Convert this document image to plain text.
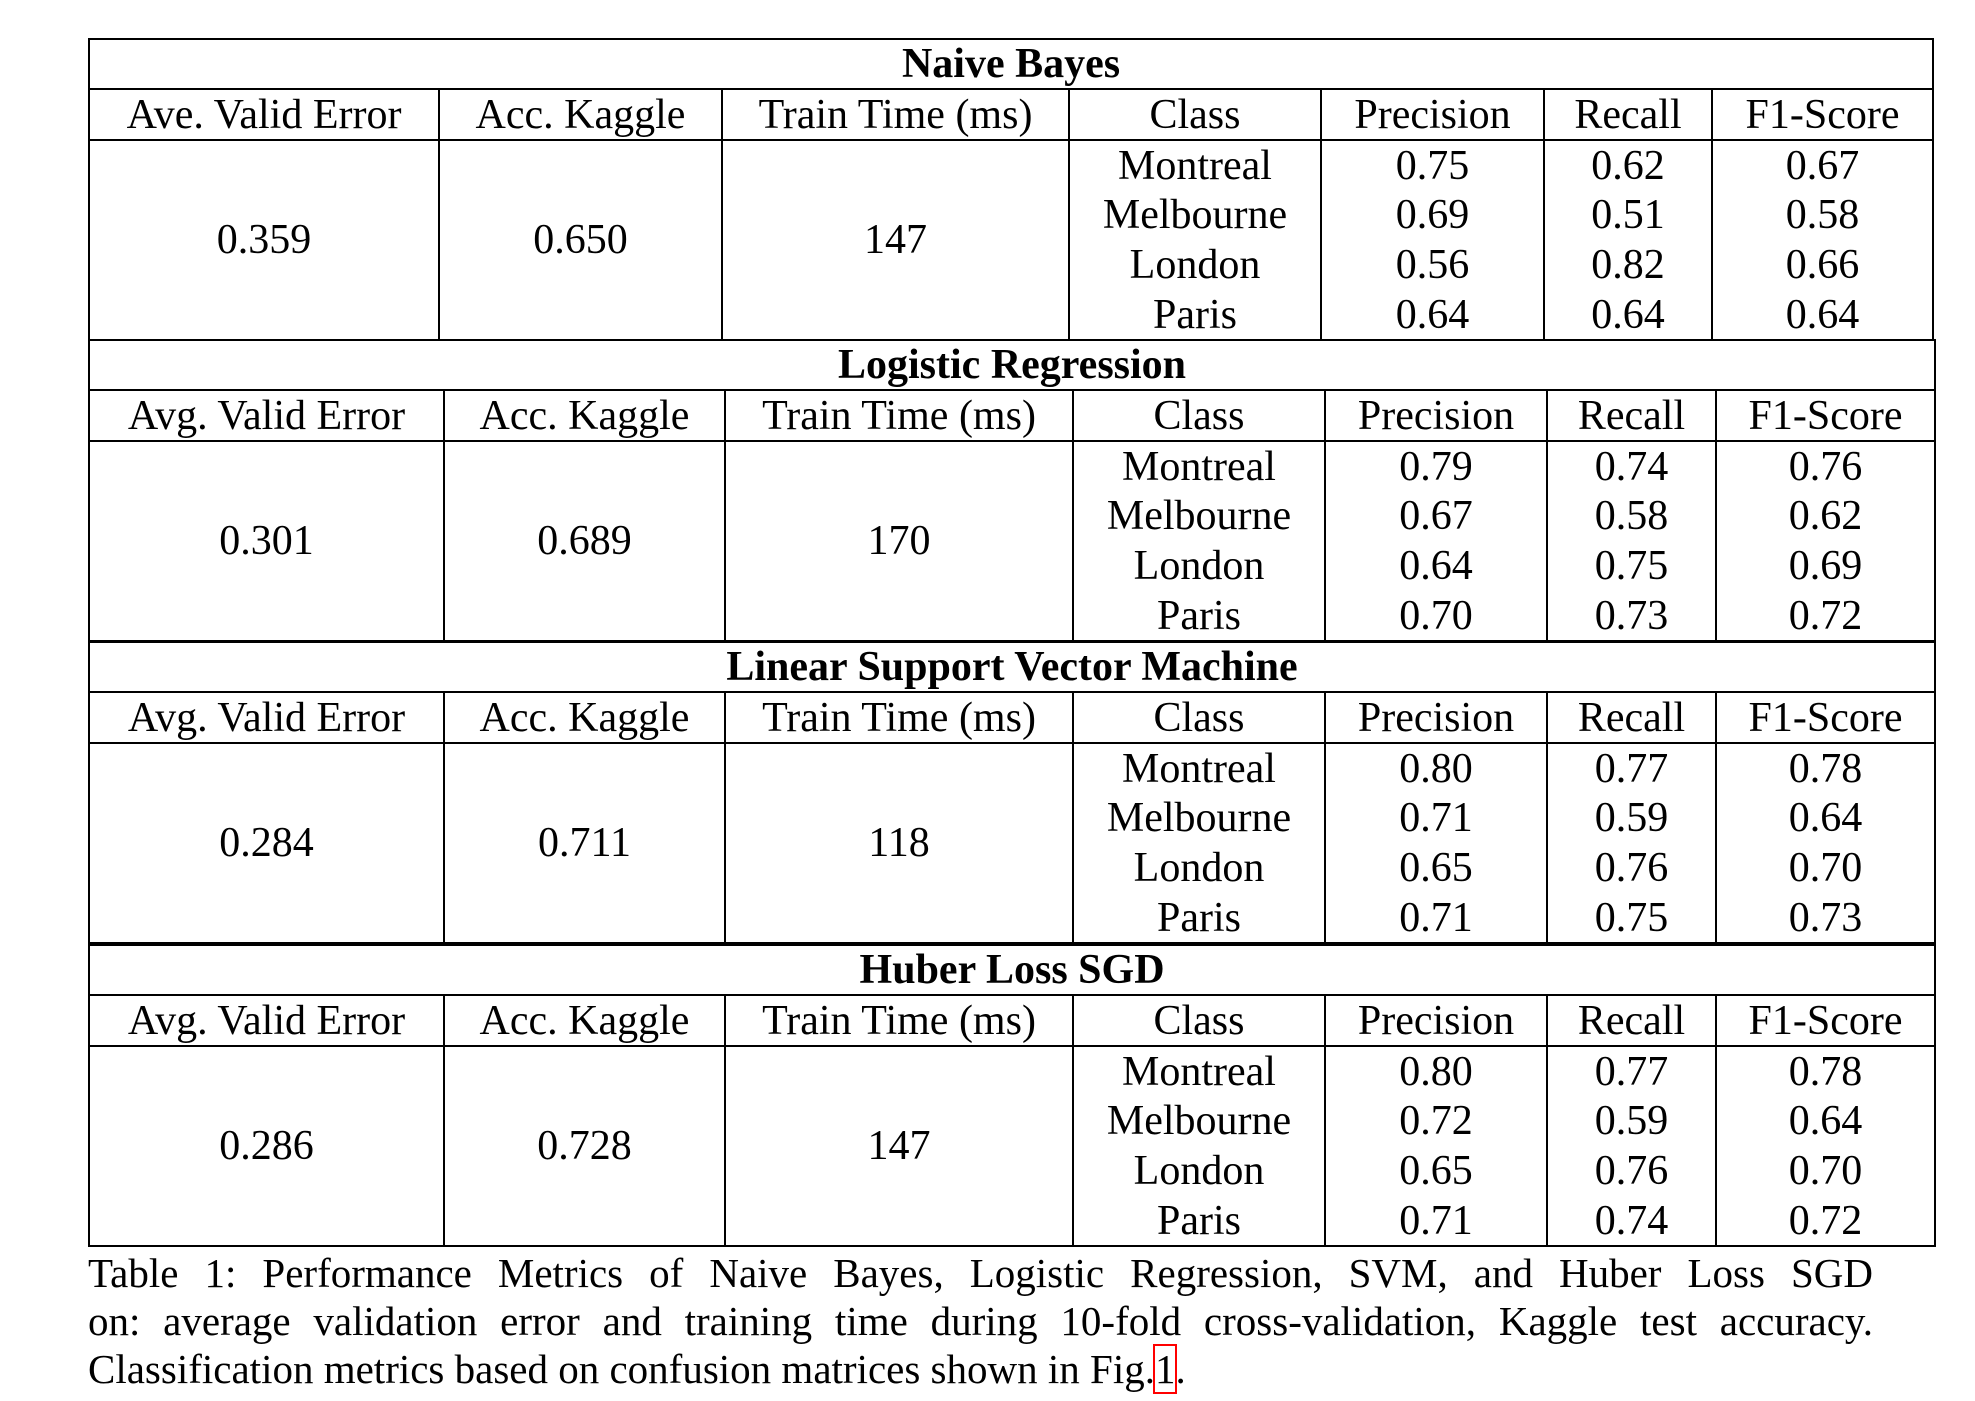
Naive Bayes						
Ave. Valid Error	Acc. Kaggle	Train Time (ms)	Class	Precision	Recall	F1-Score
0.359	0.650	147	Montreal	0.75	0.62	0.67
			Melbourne	0.69	0.51	0.58
			London	0.56	0.82	0.66
			Paris	0.64	0.64	0.64
Logistic Regression						
Avg. Valid Error	Acc. Kaggle	Train Time (ms)	Class	Precision	Recall	F1-Score
0.301	0.689	170	Montreal	0.79	0.74	0.76
			Melbourne	0.67	0.58	0.62
			London	0.64	0.75	0.69
			Paris	0.70	0.73	0.72
Linear Support Vector Machine						
Avg. Valid Error	Acc. Kaggle	Train Time (ms)	Class	Precision	Recall	F1-Score
0.284	0.711	118	Montreal	0.80	0.77	0.78
			Melbourne	0.71	0.59	0.64
			London	0.65	0.76	0.70
			Paris	0.71	0.75	0.73
Huber Loss SGD						
Avg. Valid Error	Acc. Kaggle	Train Time (ms)	Class	Precision	Recall	F1-Score
0.286	0.728	147	Montreal	0.80	0.77	0.78
			Melbourne	0.72	0.59	0.64
			London	0.65	0.76	0.70
			Paris	0.71	0.74	0.72
Table 1: Performance Metrics of Naive Bayes, Logistic Regression, SVM, and Huber Loss SGD
on: average validation error and training time during 10-fold cross-validation, Kaggle test accuracy.
Classification metrics based on confusion matrices shown in Fig.1.
